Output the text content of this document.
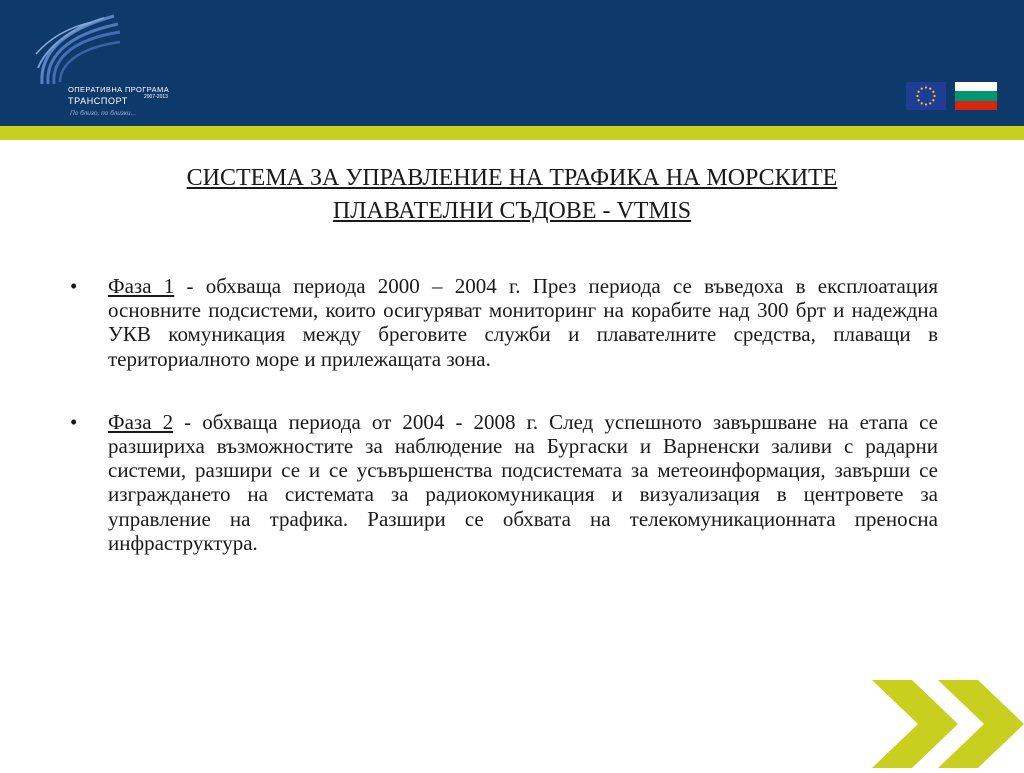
ОПЕРАТИВНА ПРОГРАМА
ТРАНСПОРТ	2007-2013
По близо, по близки...
СИСТЕМА ЗА УПРАВЛЕНИЕ НА ТРАФИКА НА МОРСКИТЕ
ПЛАВАТЕЛНИ СЪДОВЕ - VTMIS
• Фаза 1 - обхваща периода 2000 – 2004 г. През периода се въведоха в експлоатация основните подсистеми, които осигуряват мониторинг на корабите над 300 брт и надеждна УКВ комуникация между бреговите служби и плавателните средства, плаващи в териториалното море и прилежащата зона.
• Фаза 2 - обхваща периода от 2004 - 2008 г. След успешното завършване на етапа се разшириха възможностите за наблюдение на Бургаски и Варненски заливи с радарни системи, разшири се и се усъвършенства подсистемата за метеоинформация, завърши се изграждането на системата за радиокомуникация и визуализация в центровете за управление на трафика. Разшири се обхвата на телекомуникационната преносна инфраструктура.
